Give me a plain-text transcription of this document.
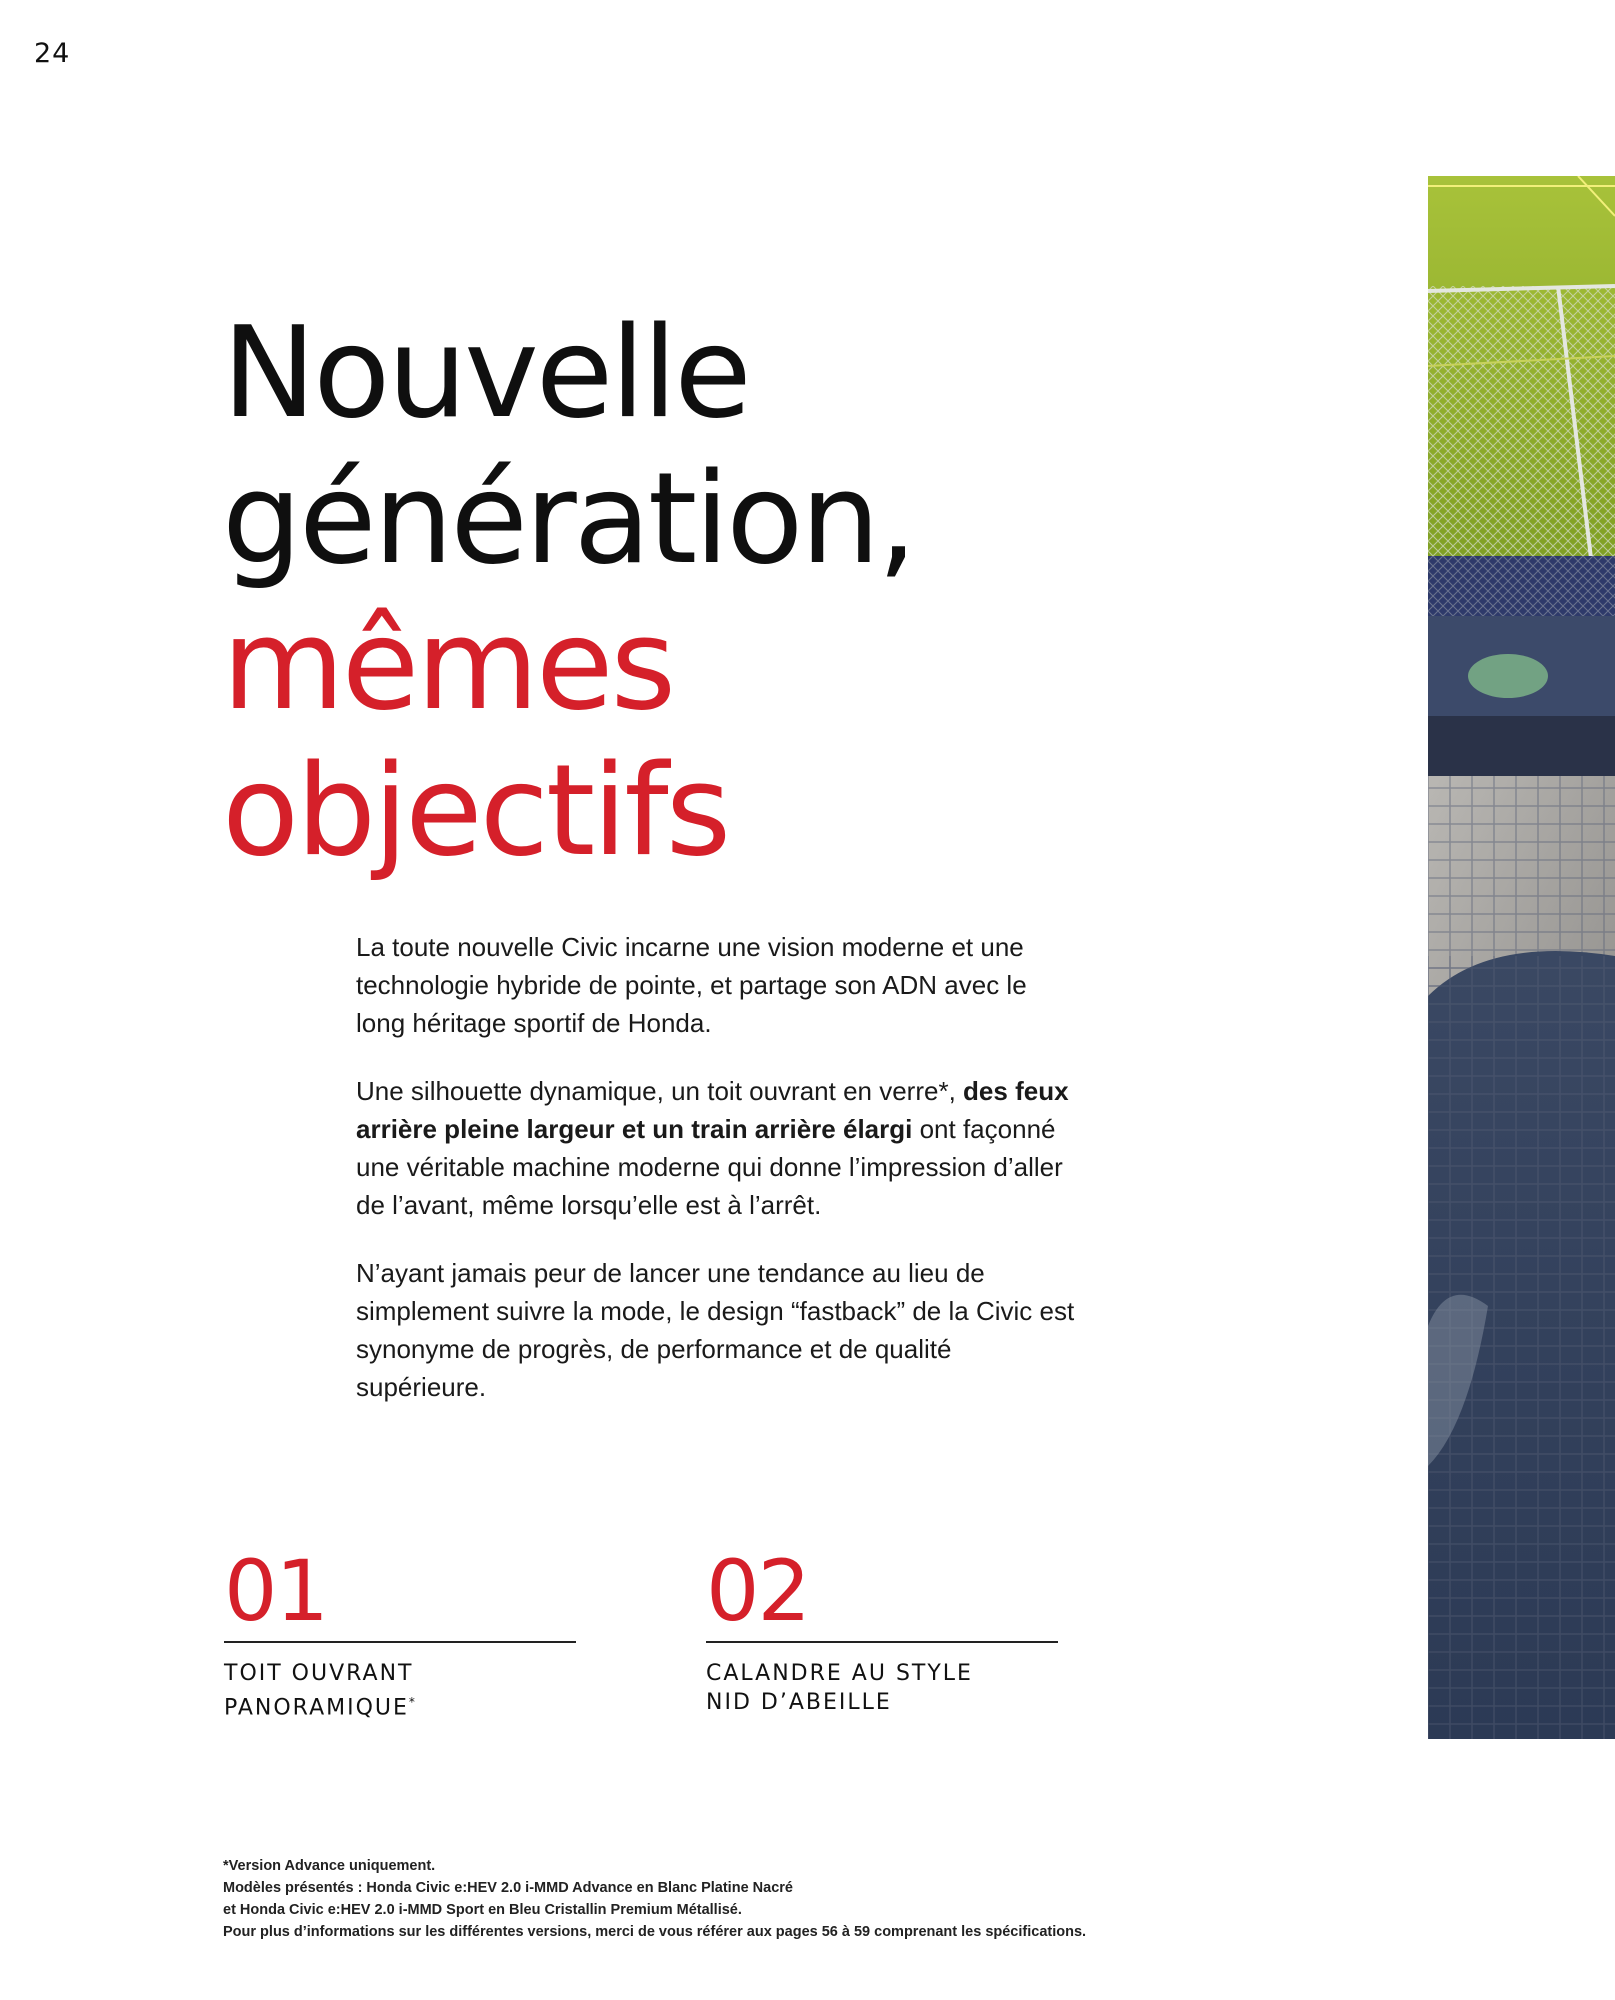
24
Nouvelle
génération,
mêmes
objectifs

La toute nouvelle Civic incarne une vision moderne et une technologie hybride de pointe, et partage son ADN avec le long héritage sportif de Honda.

Une silhouette dynamique, un toit ouvrant en verre*, des feux arrière pleine largeur et un train arrière élargi ont façonné une véritable machine moderne qui donne l’impression d’aller de l’avant, même lorsqu’elle est à l’arrêt.

N’ayant jamais peur de lancer une tendance au lieu de simplement suivre la mode, le design “fastback” de la Civic est synonyme de progrès, de performance et de qualité supérieure.

01
TOIT OUVRANT
PANORAMIQUE*
02
CALANDRE AU STYLE
NID D’ABEILLE
*Version Advance uniquement.
Modèles présentés : Honda Civic e:HEV 2.0 i-MMD Advance en Blanc Platine Nacré
et Honda Civic e:HEV 2.0 i-MMD Sport en Bleu Cristallin Premium Métallisé.
Pour plus d’informations sur les différentes versions, merci de vous référer aux pages 56 à 59 comprenant les spécifications.
